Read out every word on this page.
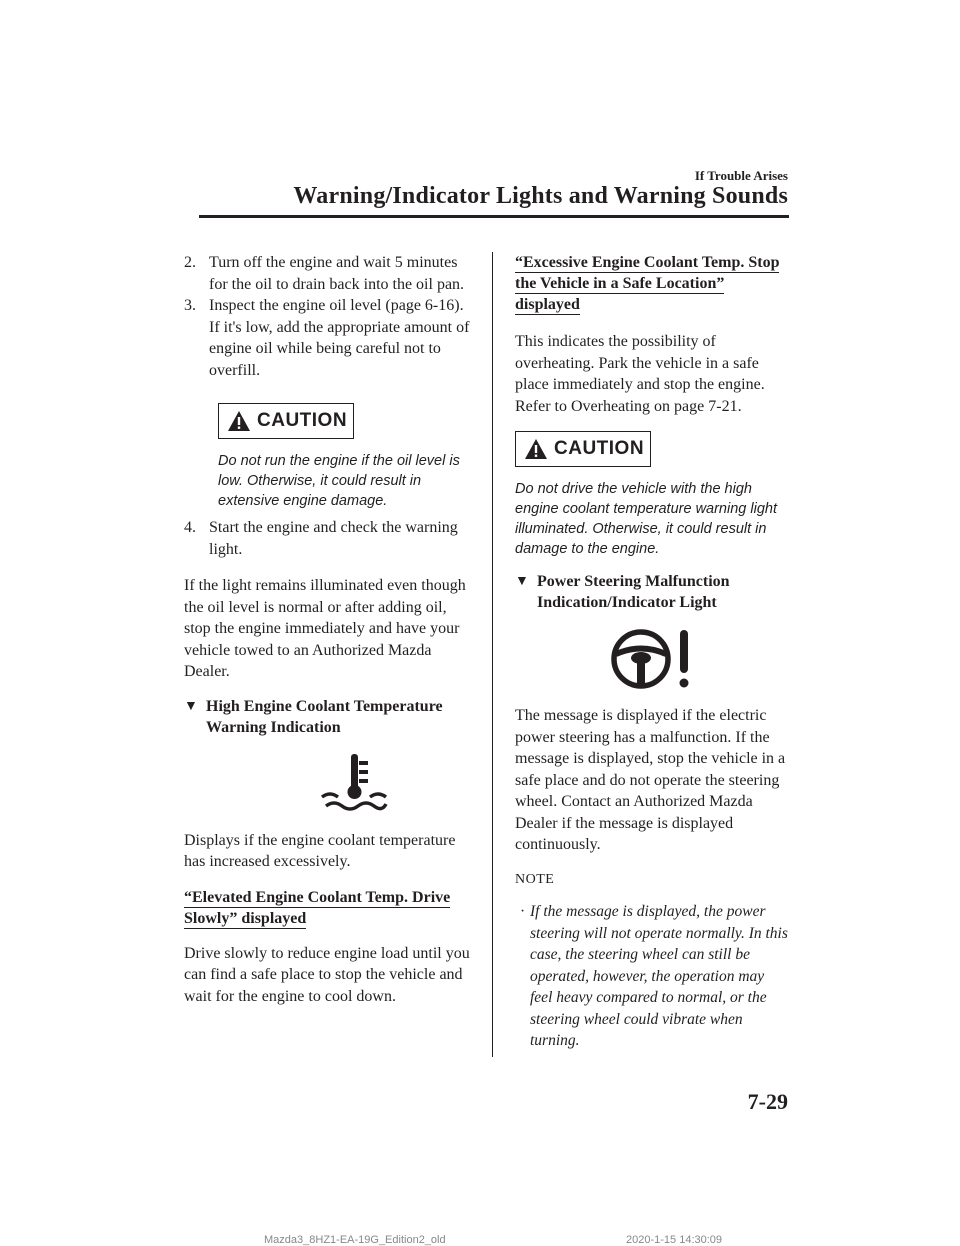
If Trouble Arises
Warning/Indicator Lights and Warning Sounds
2. Turn off the engine and wait 5 minutes for the oil to drain back into the oil pan.
3. Inspect the engine oil level (page 6-16). If it's low, add the appropriate amount of engine oil while being careful not to overfill.
CAUTION

Do not run the engine if the oil level is low. Otherwise, it could result in extensive engine damage.

4. Start the engine and check the warning light.

If the light remains illuminated even though the oil level is normal or after adding oil, stop the engine immediately and have your vehicle towed to an Authorized Mazda Dealer.

▼ High Engine Coolant Temperature Warning Indication

Displays if the engine coolant temperature has increased excessively.

“Elevated Engine Coolant Temp. Drive Slowly” displayed

Drive slowly to reduce engine load until you can find a safe place to stop the vehicle and wait for the engine to cool down.

“Excessive Engine Coolant Temp. Stop the Vehicle in a Safe Location” displayed

This indicates the possibility of overheating. Park the vehicle in a safe place immediately and stop the engine. Refer to Overheating on page 7-21.

CAUTION

Do not drive the vehicle with the high engine coolant temperature warning light illuminated. Otherwise, it could result in damage to the engine.

▼ Power Steering Malfunction Indication/Indicator Light

The message is displayed if the electric power steering has a malfunction. If the message is displayed, stop the vehicle in a safe place and do not operate the steering wheel. Contact an Authorized Mazda Dealer if the message is displayed continuously.

NOTE

· If the message is displayed, the power steering will not operate normally. In this case, the steering wheel can still be operated, however, the operation may feel heavy compared to normal, or the steering wheel could vibrate when turning.
7-29
Mazda3_8HZ1-EA-19G_Edition2_old	2020-1-15 14:30:09
